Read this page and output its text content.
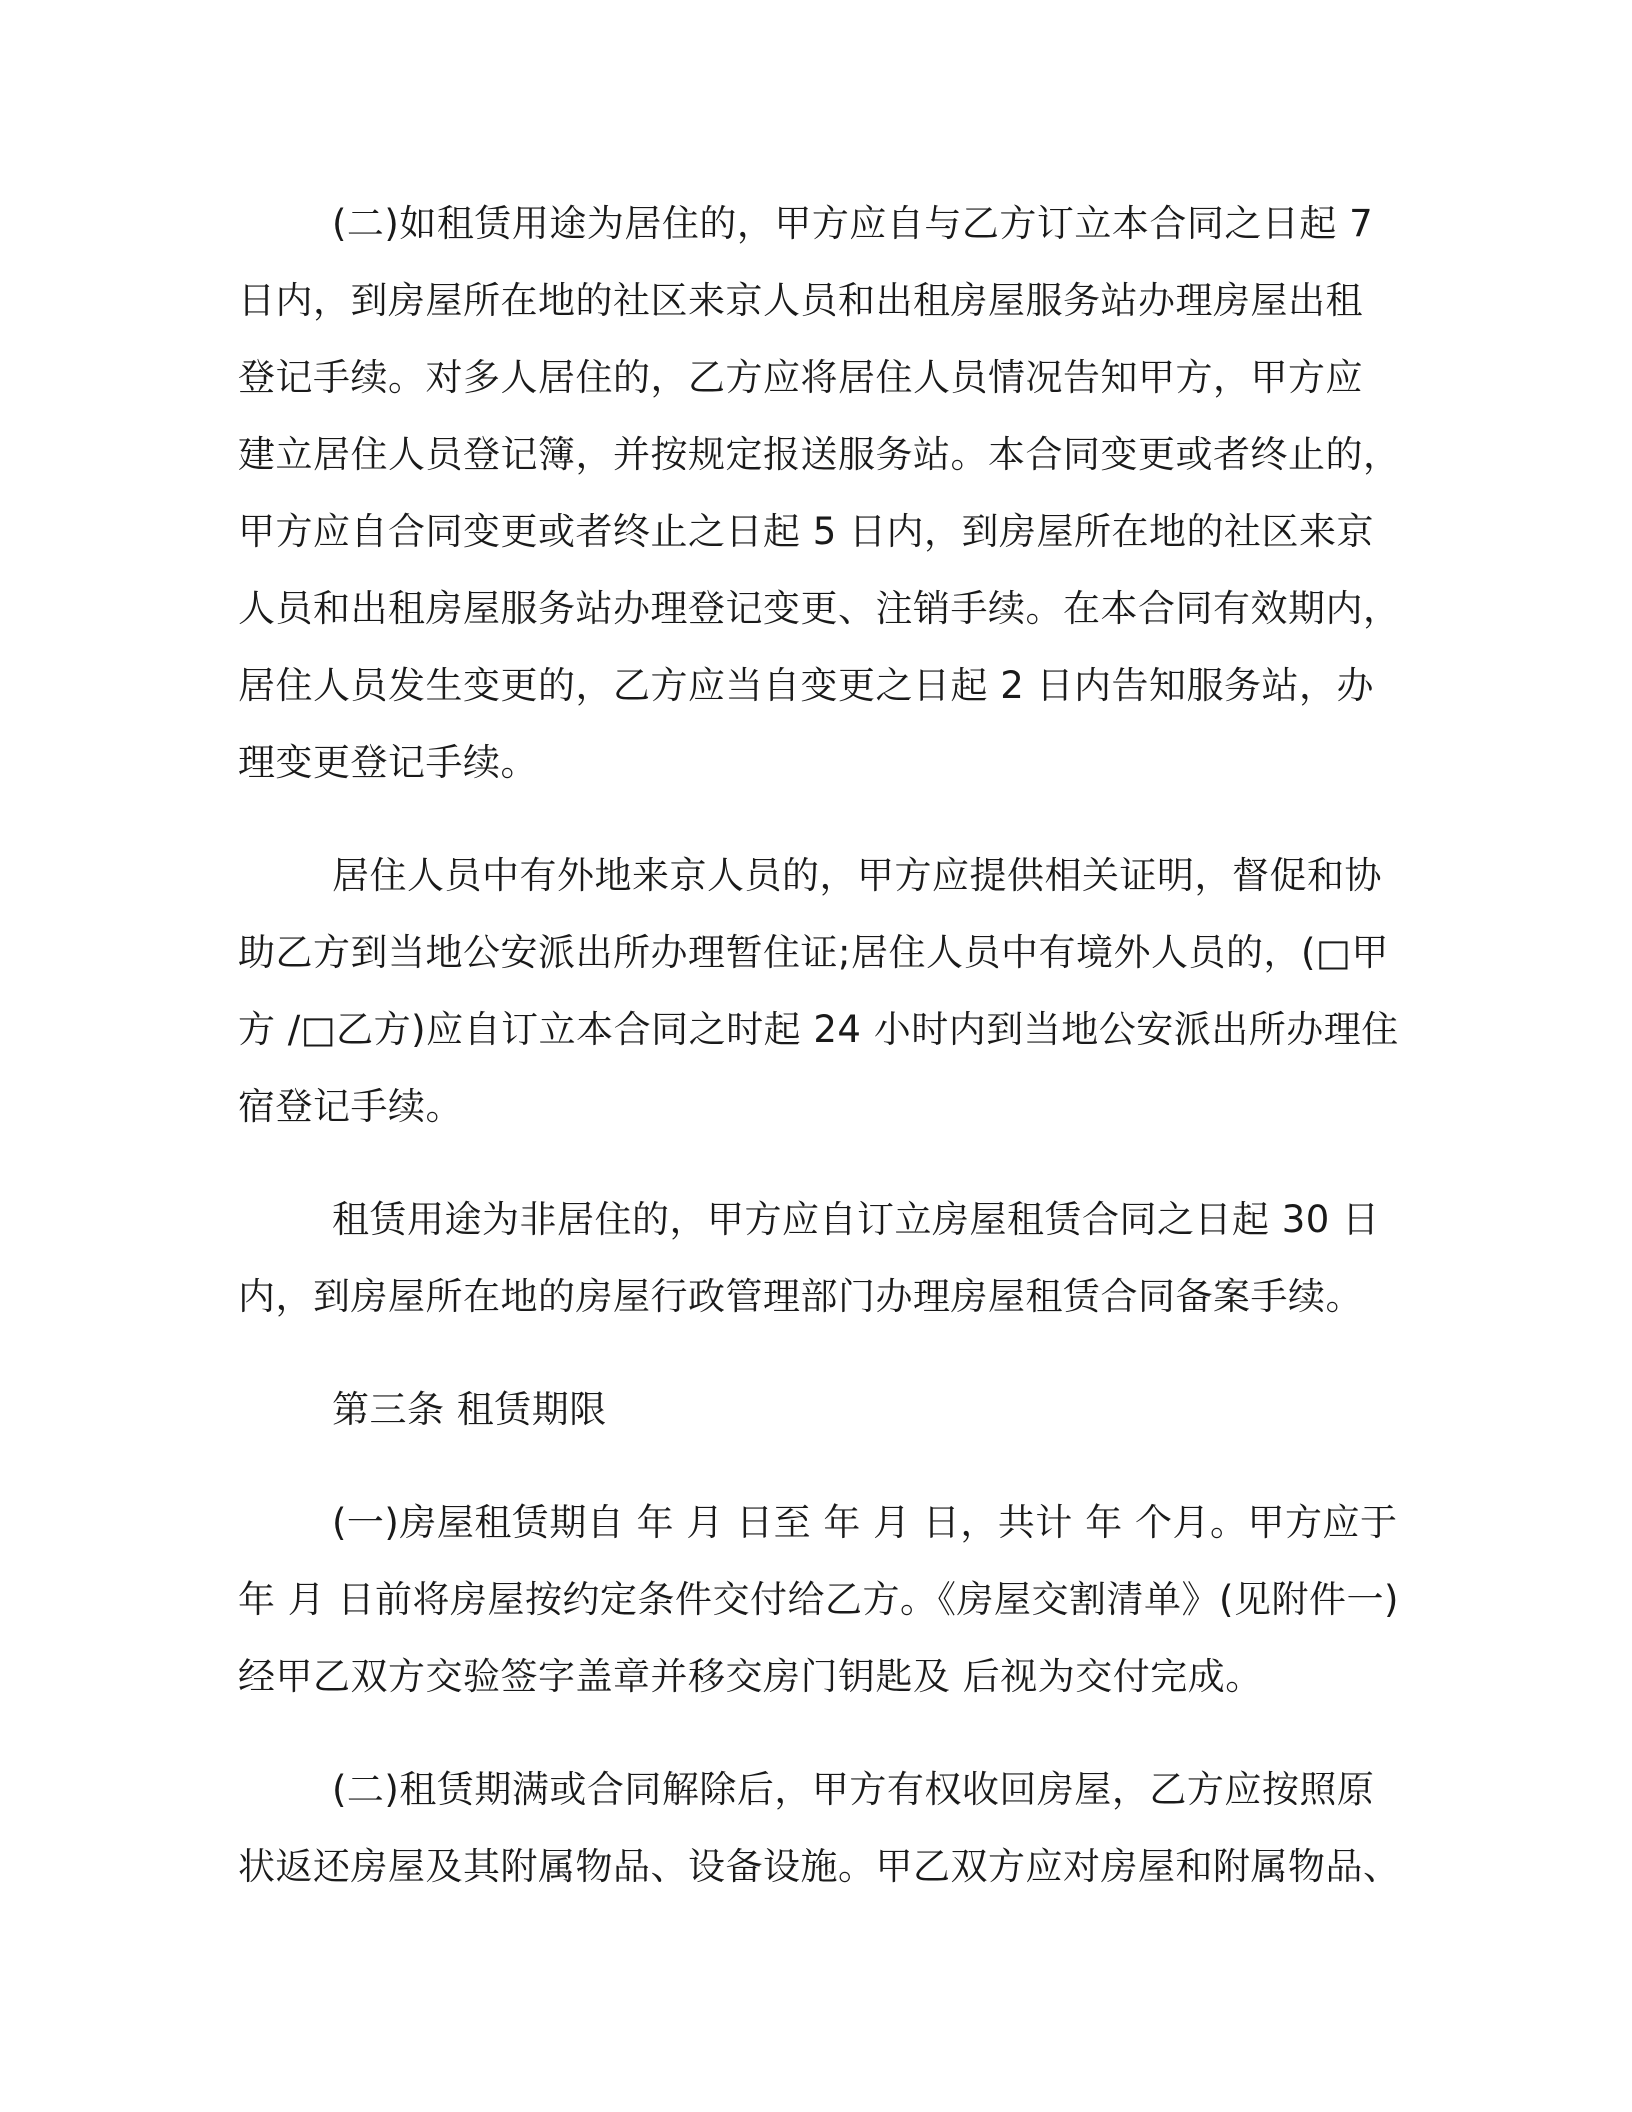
(二)如租赁用途为居住的，甲方应自与乙方订立本合同之日起 7
日内，到房屋所在地的社区来京人员和出租房屋服务站办理房屋出租
登记手续。对多人居住的，乙方应将居住人员情况告知甲方，甲方应
建立居住人员登记簿，并按规定报送服务站。本合同变更或者终止的，
甲方应自合同变更或者终止之日起 5 日内，到房屋所在地的社区来京
人员和出租房屋服务站办理登记变更、注销手续。在本合同有效期内，
居住人员发生变更的，乙方应当自变更之日起 2 日内告知服务站，办
理变更登记手续。
居住人员中有外地来京人员的，甲方应提供相关证明，督促和协
助乙方到当地公安派出所办理暂住证;居住人员中有境外人员的，(□甲
方 /□乙方)应自订立本合同之时起 24 小时内到当地公安派出所办理住
宿登记手续。
租赁用途为非居住的，甲方应自订立房屋租赁合同之日起 30 日
内，到房屋所在地的房屋行政管理部门办理房屋租赁合同备案手续。
第三条 租赁期限
(一)房屋租赁期自 年 月 日至 年 月 日，共计 年 个月。甲方应于
年 月 日前将房屋按约定条件交付给乙方。《房屋交割清单》(见附件一)
经甲乙双方交验签字盖章并移交房门钥匙及 后视为交付完成。
(二)租赁期满或合同解除后，甲方有权收回房屋，乙方应按照原
状返还房屋及其附属物品、设备设施。甲乙双方应对房屋和附属物品、
